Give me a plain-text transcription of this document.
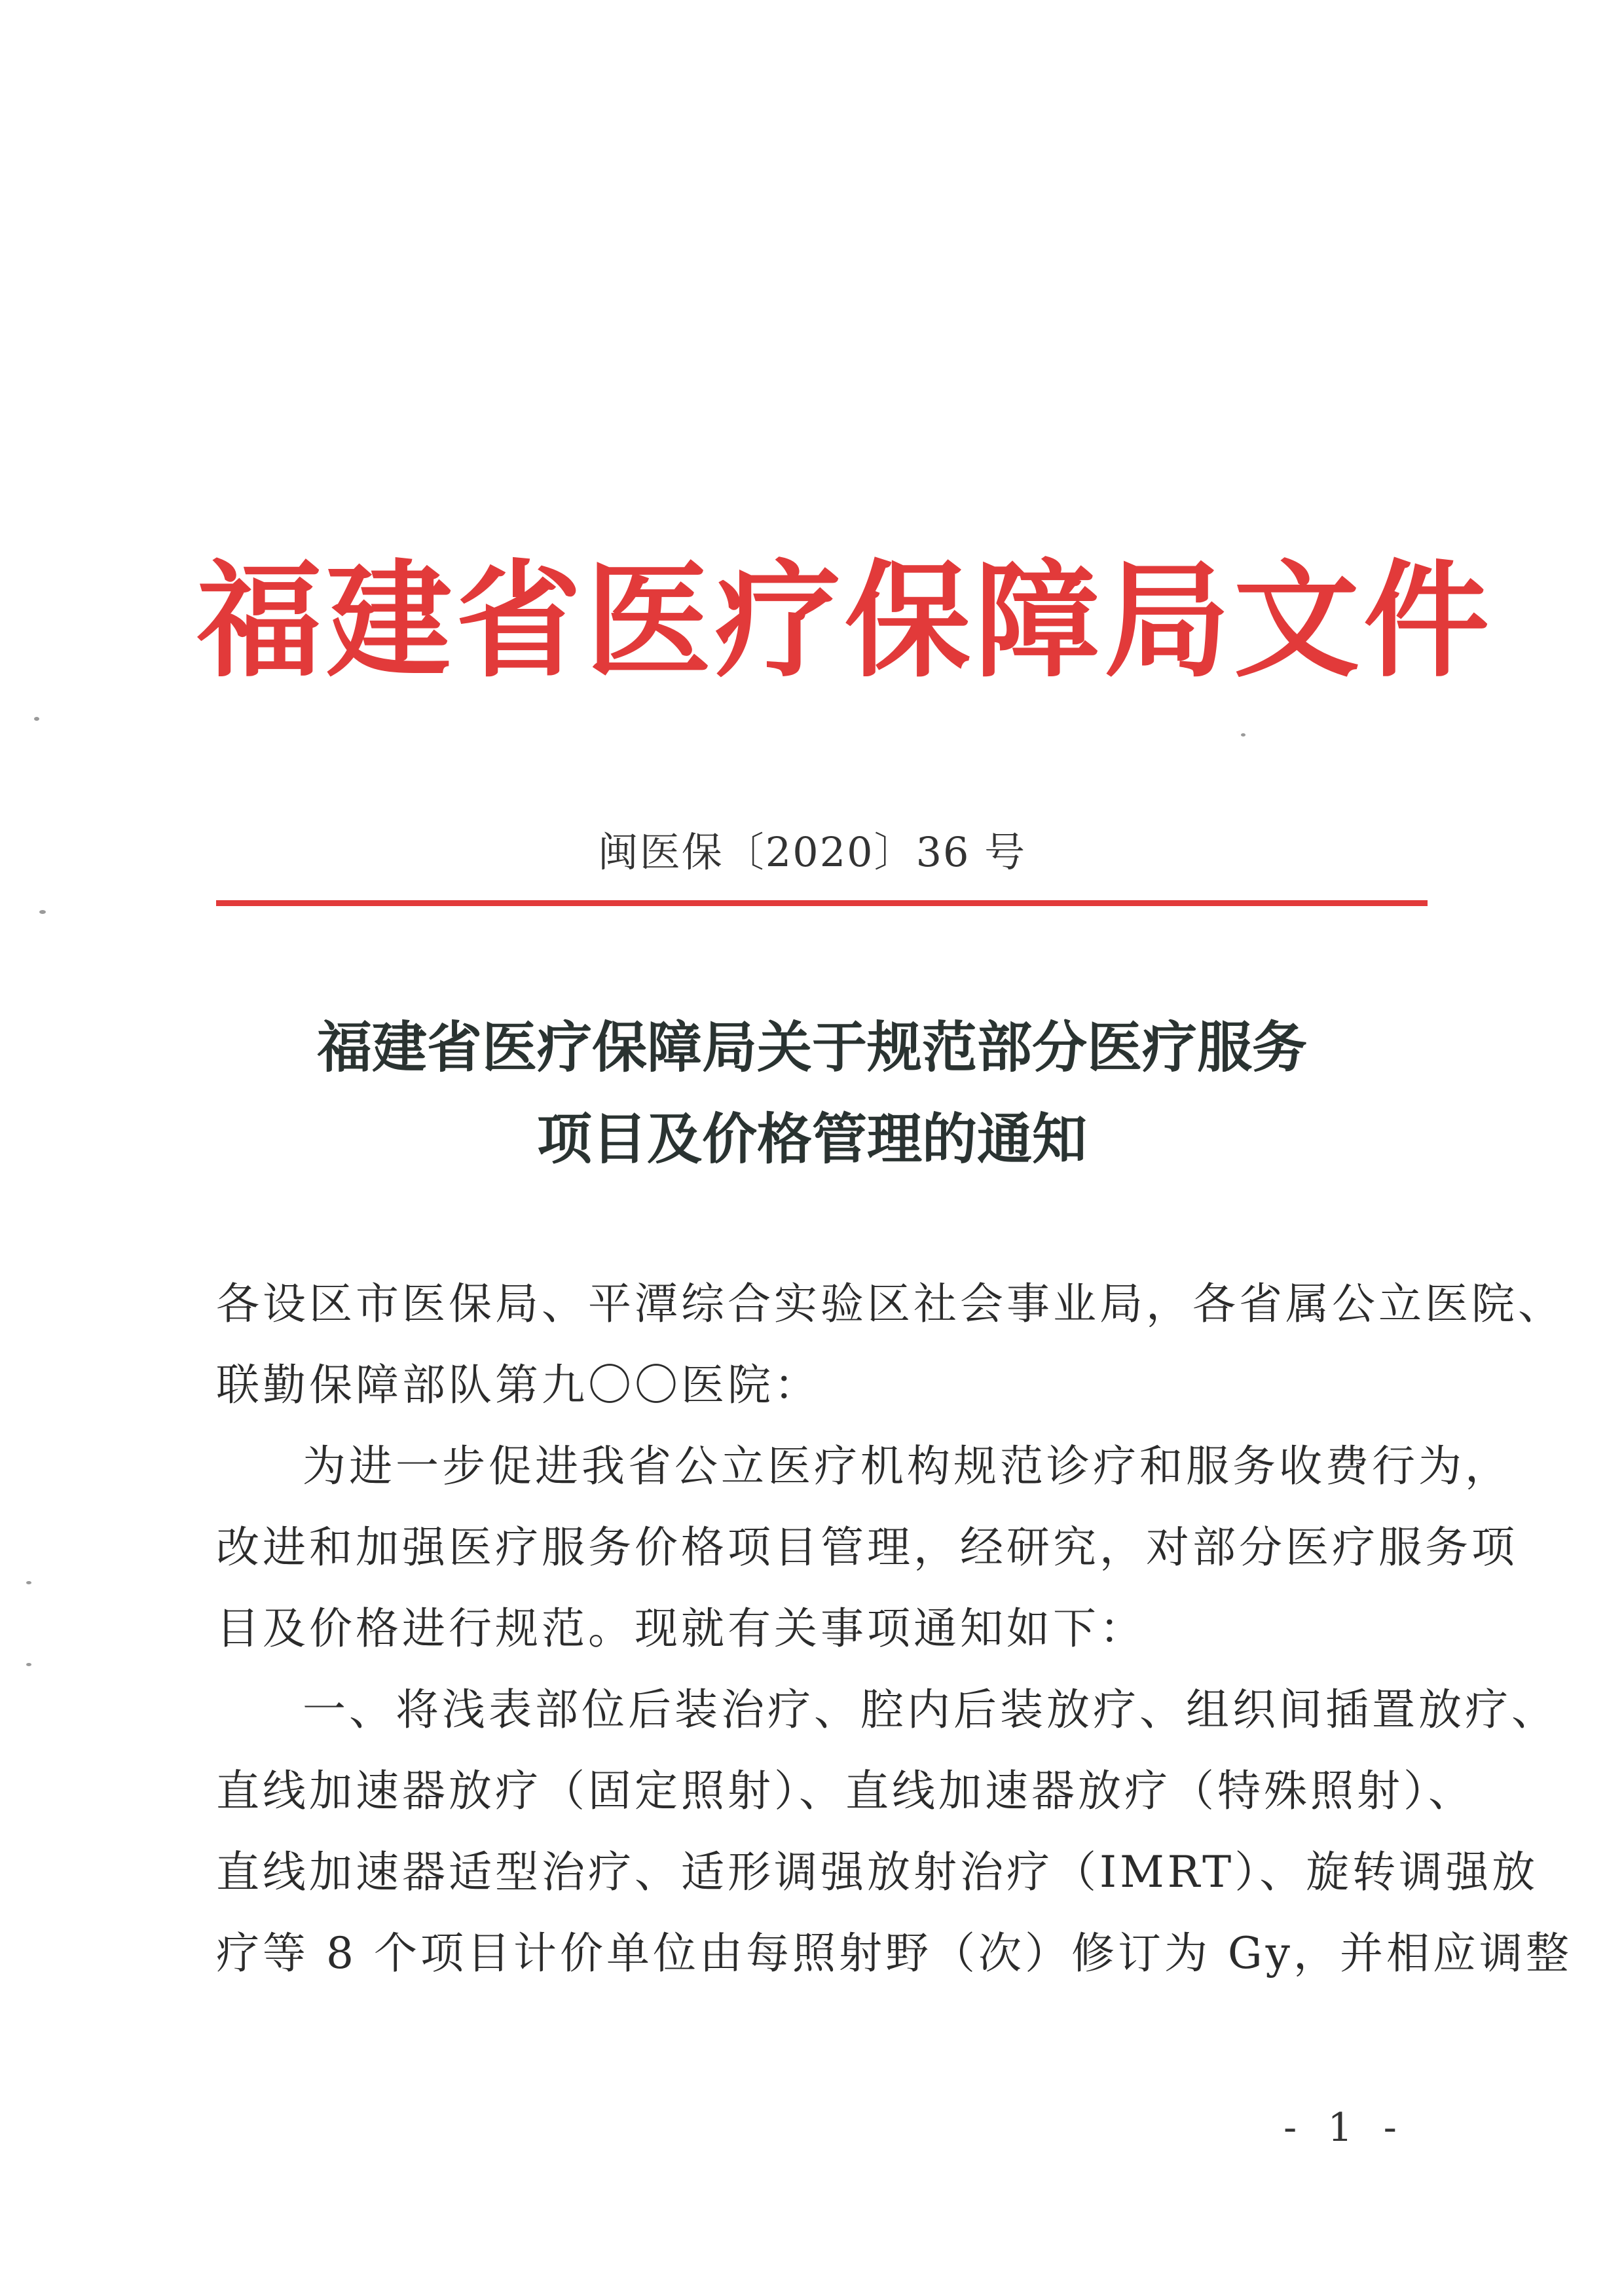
福建省医疗保障局文件
闽医保〔2020〕36 号
福建省医疗保障局关于规范部分医疗服务
项目及价格管理的通知
各设区市医保局、平潭综合实验区社会事业局，各省属公立医院、
联勤保障部队第九〇〇医院：
为进一步促进我省公立医疗机构规范诊疗和服务收费行为，
改进和加强医疗服务价格项目管理，经研究，对部分医疗服务项
目及价格进行规范。现就有关事项通知如下：
一、将浅表部位后装治疗、腔内后装放疗、组织间插置放疗、
直线加速器放疗（固定照射）、直线加速器放疗（特殊照射）、
直线加速器适型治疗、适形调强放射治疗（IMRT）、旋转调强放
疗等 8 个项目计价单位由每照射野（次）修订为 Gy，并相应调整
- 1 -
